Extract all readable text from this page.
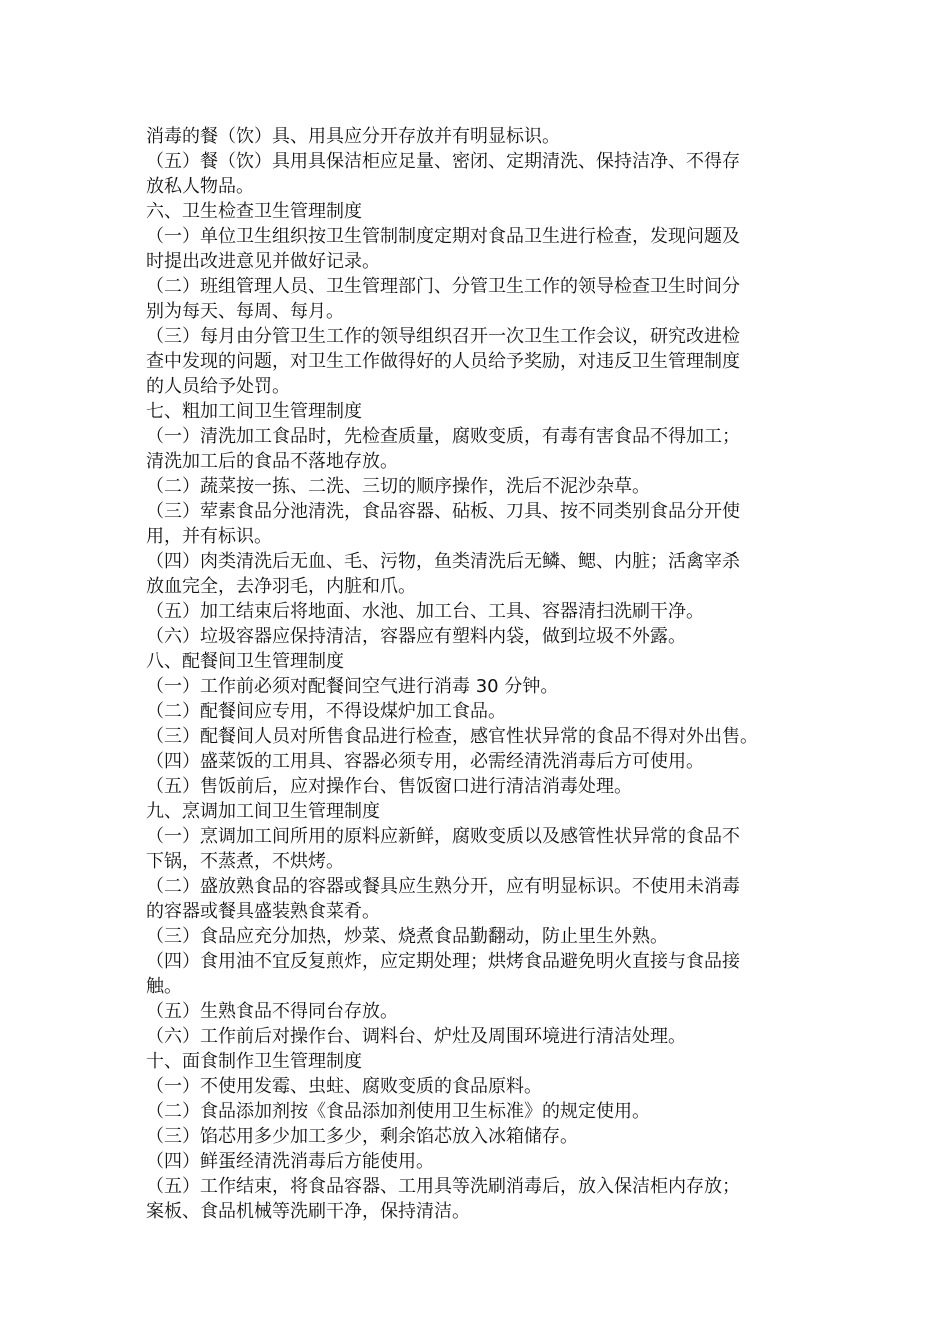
消毒的餐（饮）具、用具应分开存放并有明显标识。
（五）餐（饮）具用具保洁柜应足量、密闭、定期清洗、保持洁净、不得存
放私人物品。
六、卫生检查卫生管理制度
（一）单位卫生组织按卫生管制制度定期对食品卫生进行检查，发现问题及
时提出改进意见并做好记录。
（二）班组管理人员、卫生管理部门、分管卫生工作的领导检查卫生时间分
别为每天、每周、每月。
（三）每月由分管卫生工作的领导组织召开一次卫生工作会议，研究改进检
查中发现的问题，对卫生工作做得好的人员给予奖励，对违反卫生管理制度
的人员给予处罚。
七、粗加工间卫生管理制度
（一）清洗加工食品时，先检查质量，腐败变质，有毒有害食品不得加工；
清洗加工后的食品不落地存放。
（二）蔬菜按一拣、二洗、三切的顺序操作，洗后不泥沙杂草。
（三）荤素食品分池清洗，食品容器、砧板、刀具、按不同类别食品分开使
用，并有标识。
（四）肉类清洗后无血、毛、污物，鱼类清洗后无鳞、鳃、内脏；活禽宰杀
放血完全，去净羽毛，内脏和爪。
（五）加工结束后将地面、水池、加工台、工具、容器清扫洗刷干净。
（六）垃圾容器应保持清洁，容器应有塑料内袋，做到垃圾不外露。
八、配餐间卫生管理制度
（一）工作前必须对配餐间空气进行消毒 30 分钟。
（二）配餐间应专用，不得设煤炉加工食品。
（三）配餐间人员对所售食品进行检查，感官性状异常的食品不得对外出售。
（四）盛菜饭的工用具、容器必须专用，必需经清洗消毒后方可使用。
（五）售饭前后，应对操作台、售饭窗口进行清洁消毒处理。
九、烹调加工间卫生管理制度
（一）烹调加工间所用的原料应新鲜，腐败变质以及感管性状异常的食品不
下锅，不蒸煮，不烘烤。
（二）盛放熟食品的容器或餐具应生熟分开，应有明显标识。不使用未消毒
的容器或餐具盛装熟食菜肴。
（三）食品应充分加热，炒菜、烧煮食品勤翻动，防止里生外熟。
（四）食用油不宜反复煎炸，应定期处理；烘烤食品避免明火直接与食品接
触。
（五）生熟食品不得同台存放。
（六）工作前后对操作台、调料台、炉灶及周围环境进行清洁处理。
十、面食制作卫生管理制度
（一）不使用发霉、虫蛀、腐败变质的食品原料。
（二）食品添加剂按《食品添加剂使用卫生标准》的规定使用。
（三）馅芯用多少加工多少，剩余馅芯放入冰箱储存。
（四）鲜蛋经清洗消毒后方能使用。
（五）工作结束，将食品容器、工用具等洗刷消毒后，放入保洁柜内存放；
案板、食品机械等洗刷干净，保持清洁。
